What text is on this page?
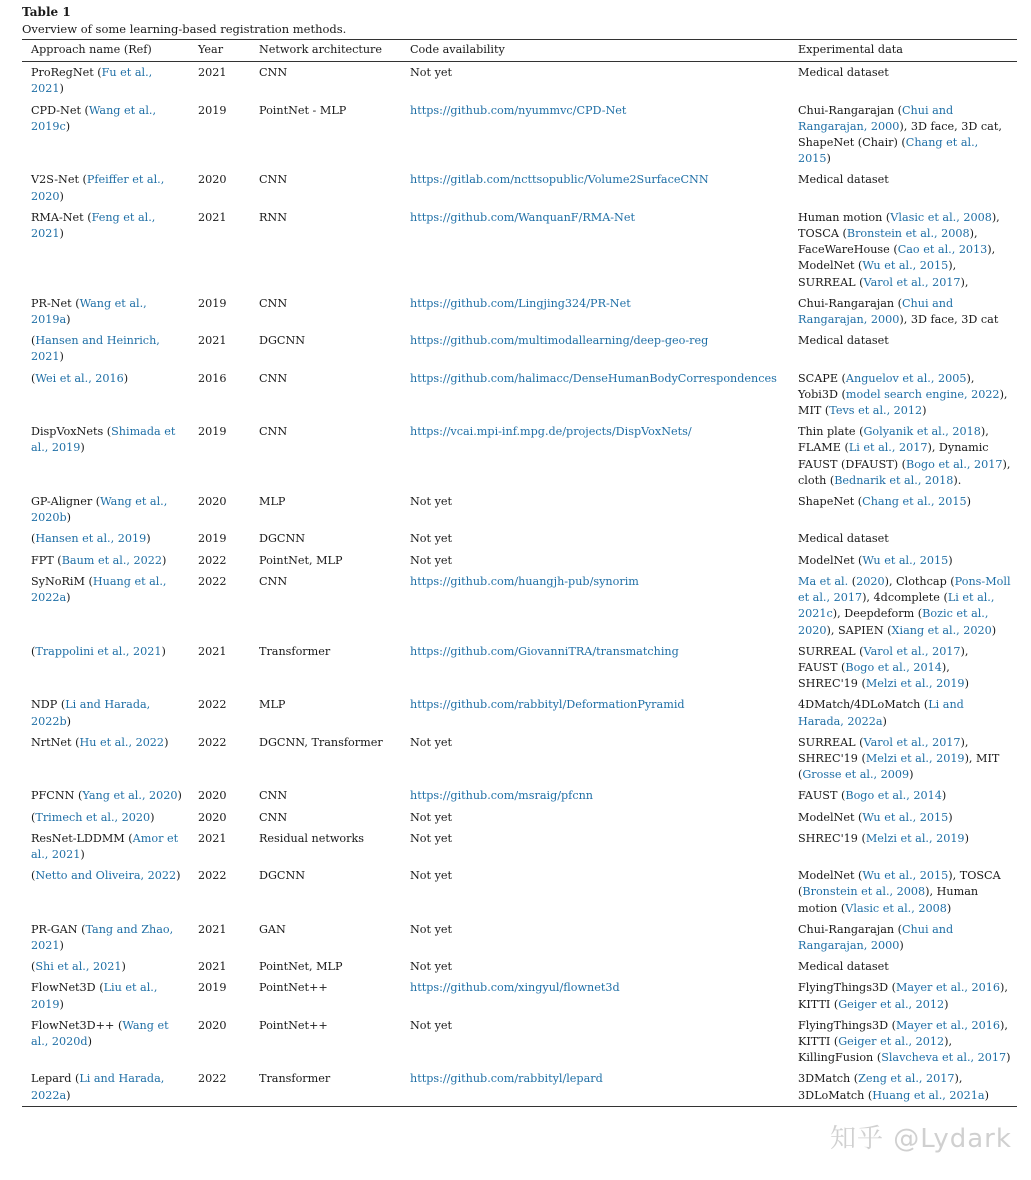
Table 1

Overview of some learning-based registration methods.

Approach name (Ref)	Year	Network architecture	Code availability	Experimental data
ProRegNet (Fu et al., 2021)	2021	CNN	Not yet	Medical dataset
CPD-Net (Wang et al., 2019c)	2019	PointNet - MLP	https://github.com/nyummvc/CPD-Net	Chui-Rangarajan (Chui and Rangarajan, 2000), 3D face, 3D cat, ShapeNet (Chair) (Chang et al., 2015)
V2S-Net (Pfeiffer et al., 2020)	2020	CNN	https://gitlab.com/ncttsopublic/Volume2SurfaceCNN	Medical dataset
RMA-Net (Feng et al., 2021)	2021	RNN	https://github.com/WanquanF/RMA-Net	Human motion (Vlasic et al., 2008), TOSCA (Bronstein et al., 2008), FaceWareHouse (Cao et al., 2013), ModelNet (Wu et al., 2015), SURREAL (Varol et al., 2017),
PR-Net (Wang et al., 2019a)	2019	CNN	https://github.com/Lingjing324/PR-Net	Chui-Rangarajan (Chui and Rangarajan, 2000), 3D face, 3D cat
(Hansen and Heinrich, 2021)	2021	DGCNN	https://github.com/multimodallearning/deep-geo-reg	Medical dataset
(Wei et al., 2016)	2016	CNN	https://github.com/halimacc/DenseHumanBodyCorrespondences	SCAPE (Anguelov et al., 2005), Yobi3D (model search engine, 2022), MIT (Tevs et al., 2012)
DispVoxNets (Shimada et al., 2019)	2019	CNN	https://vcai.mpi-inf.mpg.de/projects/DispVoxNets/	Thin plate (Golyanik et al., 2018), FLAME (Li et al., 2017), Dynamic FAUST (DFAUST) (Bogo et al., 2017), cloth (Bednarik et al., 2018).
GP-Aligner (Wang et al., 2020b)	2020	MLP	Not yet	ShapeNet (Chang et al., 2015)
(Hansen et al., 2019)	2019	DGCNN	Not yet	Medical dataset
FPT (Baum et al., 2022)	2022	PointNet, MLP	Not yet	ModelNet (Wu et al., 2015)
SyNoRiM (Huang et al., 2022a)	2022	CNN	https://github.com/huangjh-pub/synorim	Ma et al. (2020), Clothcap (Pons-Moll et al., 2017), 4dcomplete (Li et al., 2021c), Deepdeform (Bozic et al., 2020), SAPIEN (Xiang et al., 2020)
(Trappolini et al., 2021)	2021	Transformer	https://github.com/GiovanniTRA/transmatching	SURREAL (Varol et al., 2017), FAUST (Bogo et al., 2014), SHREC'19 (Melzi et al., 2019)
NDP (Li and Harada, 2022b)	2022	MLP	https://github.com/rabbityl/DeformationPyramid	4DMatch/4DLoMatch (Li and Harada, 2022a)
NrtNet (Hu et al., 2022)	2022	DGCNN, Transformer	Not yet	SURREAL (Varol et al., 2017), SHREC'19 (Melzi et al., 2019), MIT (Grosse et al., 2009)
PFCNN (Yang et al., 2020)	2020	CNN	https://github.com/msraig/pfcnn	FAUST (Bogo et al., 2014)
(Trimech et al., 2020)	2020	CNN	Not yet	ModelNet (Wu et al., 2015)
ResNet-LDDMM (Amor et al., 2021)	2021	Residual networks	Not yet	SHREC'19 (Melzi et al., 2019)
(Netto and Oliveira, 2022)	2022	DGCNN	Not yet	ModelNet (Wu et al., 2015), TOSCA (Bronstein et al., 2008), Human motion (Vlasic et al., 2008)
PR-GAN (Tang and Zhao, 2021)	2021	GAN	Not yet	Chui-Rangarajan (Chui and Rangarajan, 2000)
(Shi et al., 2021)	2021	PointNet, MLP	Not yet	Medical dataset
FlowNet3D (Liu et al., 2019)	2019	PointNet++	https://github.com/xingyul/flownet3d	FlyingThings3D (Mayer et al., 2016), KITTI (Geiger et al., 2012)
FlowNet3D++ (Wang et al., 2020d)	2020	PointNet++	Not yet	FlyingThings3D (Mayer et al., 2016), KITTI (Geiger et al., 2012), KillingFusion (Slavcheva et al., 2017)
Lepard (Li and Harada, 2022a)	2022	Transformer	https://github.com/rabbityl/lepard	3DMatch (Zeng et al., 2017), 3DLoMatch (Huang et al., 2021a)
知乎 @Lydark
